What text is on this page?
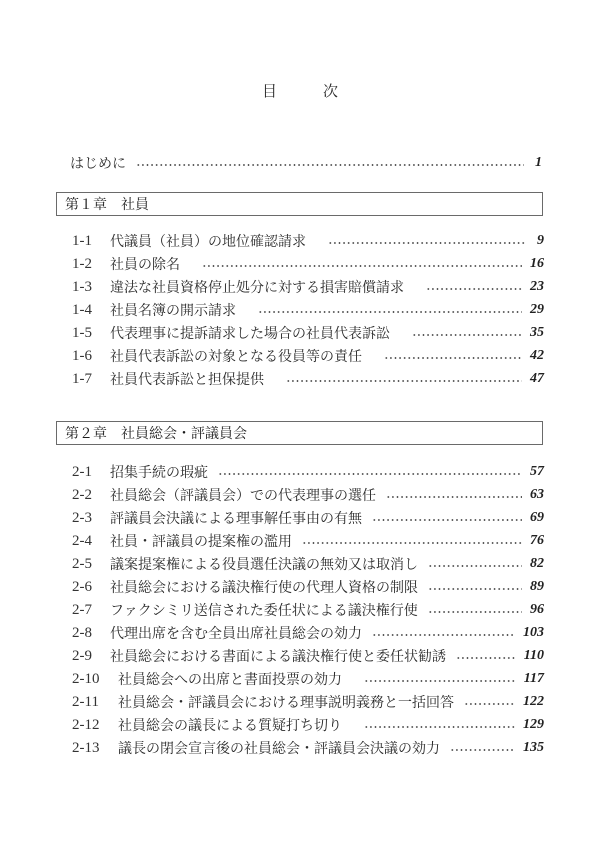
目	次
はじめに	1
第１章 社員
1-1	代議員（社員）の地位確認請求	9
1-2	社員の除名	16
1-3	違法な社員資格停止処分に対する損害賠償請求	23
1-4	社員名簿の開示請求	29
1-5	代表理事に提訴請求した場合の社員代表訴訟	35
1-6	社員代表訴訟の対象となる役員等の責任	42
1-7	社員代表訴訟と担保提供	47
第２章 社員総会・評議員会
2-1	招集手続の瑕疵	57
2-2	社員総会（評議員会）での代表理事の選任	63
2-3	評議員会決議による理事解任事由の有無	69
2-4	社員・評議員の提案権の濫用	76
2-5	議案提案権による役員選任決議の無効又は取消し	82
2-6	社員総会における議決権行使の代理人資格の制限	89
2-7	ファクシミリ送信された委任状による議決権行使	96
2-8	代理出席を含む全員出席社員総会の効力	103
2-9	社員総会における書面による議決権行使と委任状勧誘	110
2-10	社員総会への出席と書面投票の効力	117
2-11	社員総会・評議員会における理事説明義務と一括回答	122
2-12	社員総会の議長による質疑打ち切り	129
2-13	議長の閉会宣言後の社員総会・評議員会決議の効力	135
